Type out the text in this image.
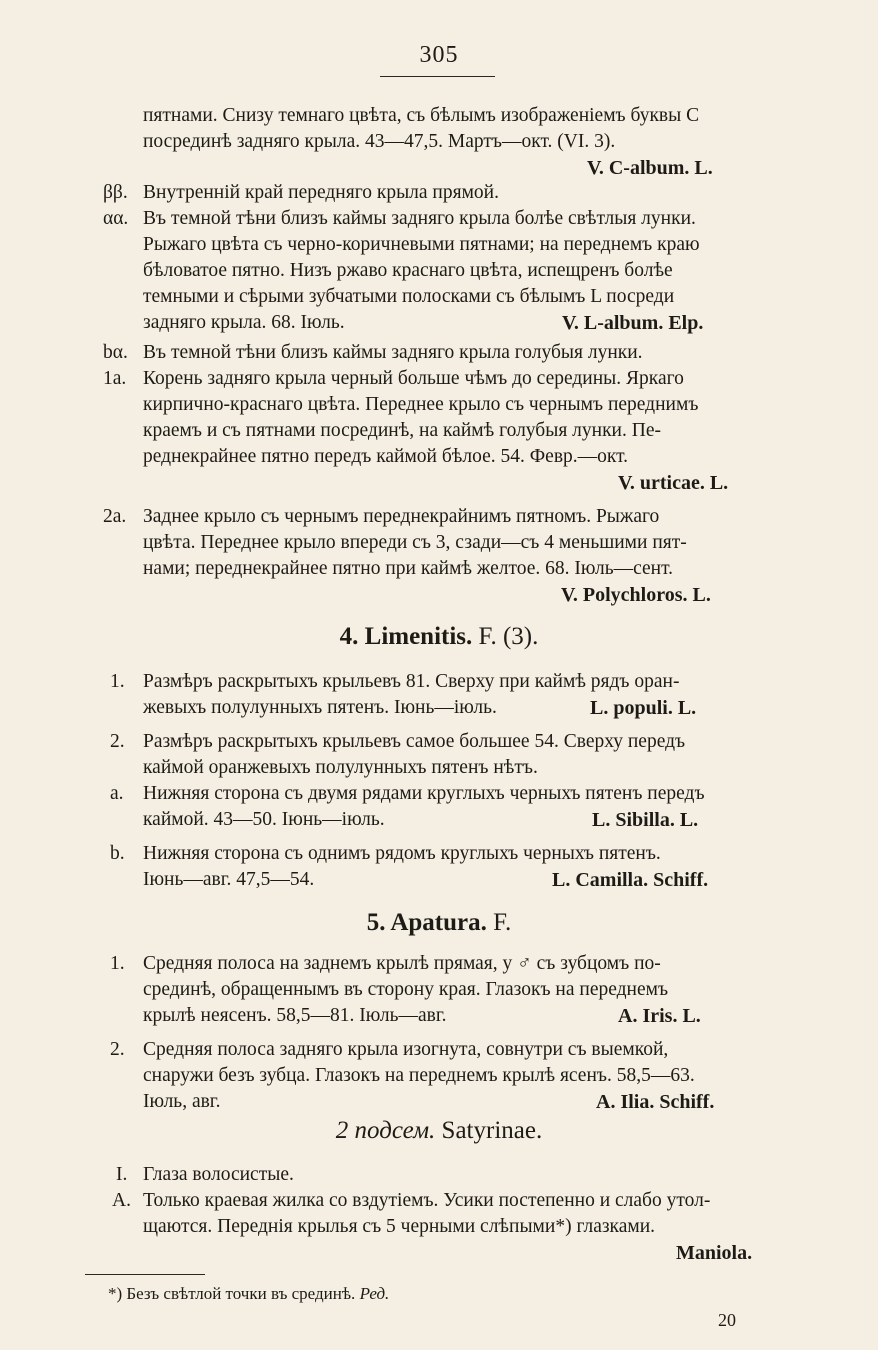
305
пятнами. Снизу темнаго цвѣта, съ бѣлымъ изображенiемъ буквы С
посрединѣ задняго крыла. 43—47,5. Мартъ—окт. (VI. 3).
V. C-album. L.
ββ. Внутреннiй край передняго крыла прямой.
αα. Въ темной тѣни близъ каймы задняго крыла болѣе свѣтлыя лунки.
Рыжаго цвѣта съ черно-коричневыми пятнами; на переднемъ краю
бѣловатое пятно. Низъ ржаво краснаго цвѣта, испещренъ болѣе
темными и сѣрыми зубчатыми полосками съ бѣлымъ L посреди
задняго крыла. 68. Iюль.	V. L-album. Elp.
bα. Въ темной тѣни близъ каймы задняго крыла голубыя лунки.
1a. Корень задняго крыла черный больше чѣмъ до середины. Яркаго
кирпично-краснаго цвѣта. Переднее крыло съ чернымъ переднимъ
краемъ и съ пятнами посрединѣ, на каймѣ голубыя лунки. Пе-
реднекрайнее пятно передъ каймой бѣлое. 54. Февр.—окт.
V. urticae. L.
2a. Заднее крыло съ чернымъ переднекрайнимъ пятномъ. Рыжаго
цвѣта. Переднее крыло впереди съ 3, сзади—съ 4 меньшими пят-
нами; переднекрайнее пятно при каймѣ желтое. 68. Iюль—сент.
V. Polychloros. L.
4. Limenitis. F. (3).
1. Размѣръ раскрытыхъ крыльевъ 81. Сверху при каймѣ рядъ оран-
жевыхъ полулунныхъ пятенъ. Iюнь—iюль.	L. populi. L.
2. Размѣръ раскрытыхъ крыльевъ самое большее 54. Сверху передъ
каймой оранжевыхъ полулунныхъ пятенъ нѣтъ.
a. Нижняя сторона съ двумя рядами круглыхъ черныхъ пятенъ передъ
каймой. 43—50. Iюнь—iюль.	L. Sibilla. L.
b. Нижняя сторона съ однимъ рядомъ круглыхъ черныхъ пятенъ.
Iюнь—авг. 47,5—54.	L. Camilla. Schiff.
5. Apatura. F.
1. Средняя полоса на заднемъ крылѣ прямая, у ♂ съ зубцомъ по-
срединѣ, обращеннымъ въ сторону края. Глазокъ на переднемъ
крылѣ неясенъ. 58,5—81. Iюль—авг.	A. Iris. L.
2. Средняя полоса задняго крыла изогнута, совнутри съ выемкой,
снаружи безъ зубца. Глазокъ на переднемъ крылѣ ясенъ. 58,5—63.
Iюль, авг.	A. Ilia. Schiff.
2 подсем. Satyrinae.
I. Глаза волосистые.
A. Только краевая жилка со вздутiемъ. Усики постепенно и слабо утол-
щаются. Переднiя крылья съ 5 черными слѣпыми*) глазками.
Maniola.
*) Безъ свѣтлой точки въ срединѣ. Ред.
20
